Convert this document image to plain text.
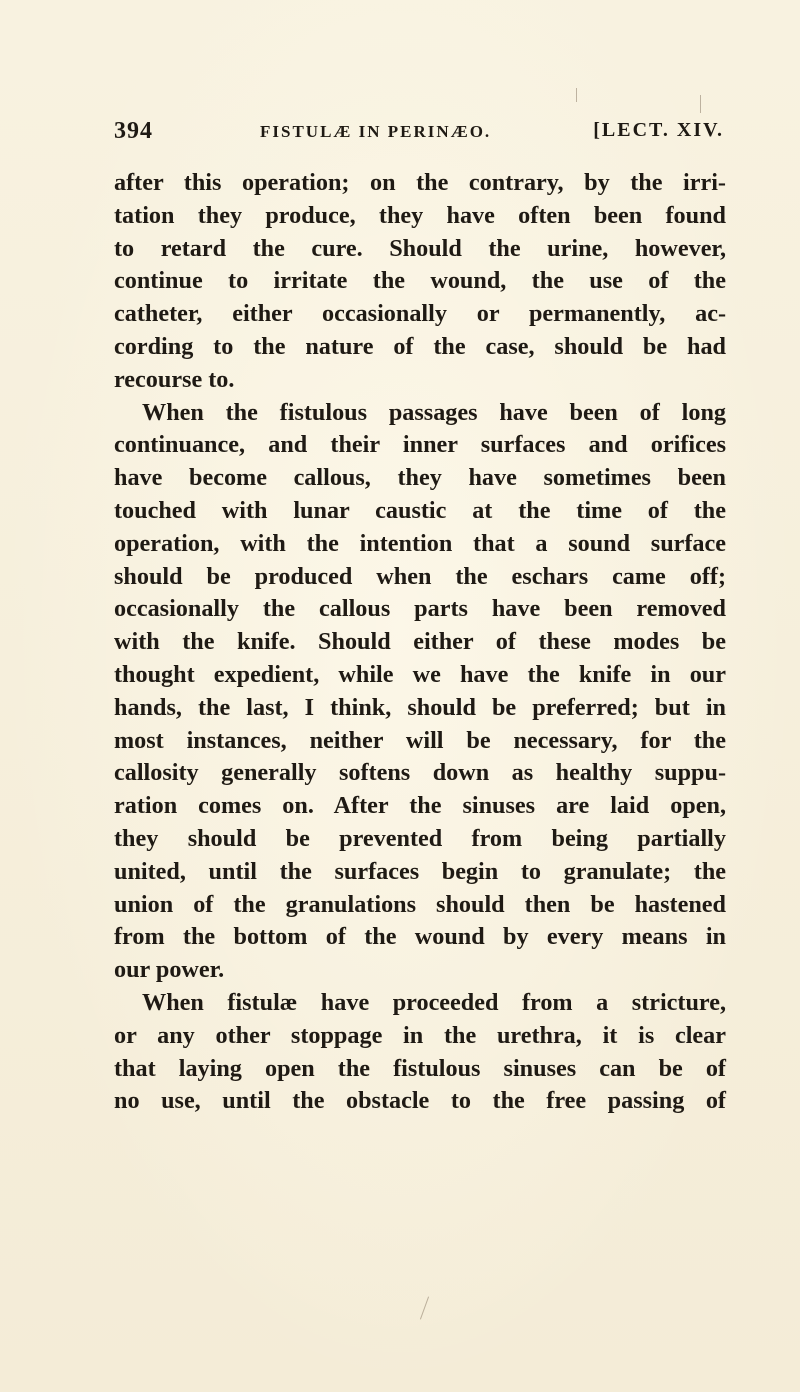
394	FISTULÆ IN PERINÆO.	[LECT. XIV.
after this operation; on the contrary, by the irri-
tation they produce, they have often been found
to retard the cure. Should the urine, however,
continue to irritate the wound, the use of the
catheter, either occasionally or permanently, ac-
cording to the nature of the case, should be had
recourse to.
When the fistulous passages have been of long
continuance, and their inner surfaces and orifices
have become callous, they have sometimes been
touched with lunar caustic at the time of the
operation, with the intention that a sound surface
should be produced when the eschars came off;
occasionally the callous parts have been removed
with the knife. Should either of these modes be
thought expedient, while we have the knife in our
hands, the last, I think, should be preferred; but in
most instances, neither will be necessary, for the
callosity generally softens down as healthy suppu-
ration comes on. After the sinuses are laid open,
they should be prevented from being partially
united, until the surfaces begin to granulate; the
union of the granulations should then be hastened
from the bottom of the wound by every means in
our power.
When fistulæ have proceeded from a stricture,
or any other stoppage in the urethra, it is clear
that laying open the fistulous sinuses can be of
no use, until the obstacle to the free passing of
